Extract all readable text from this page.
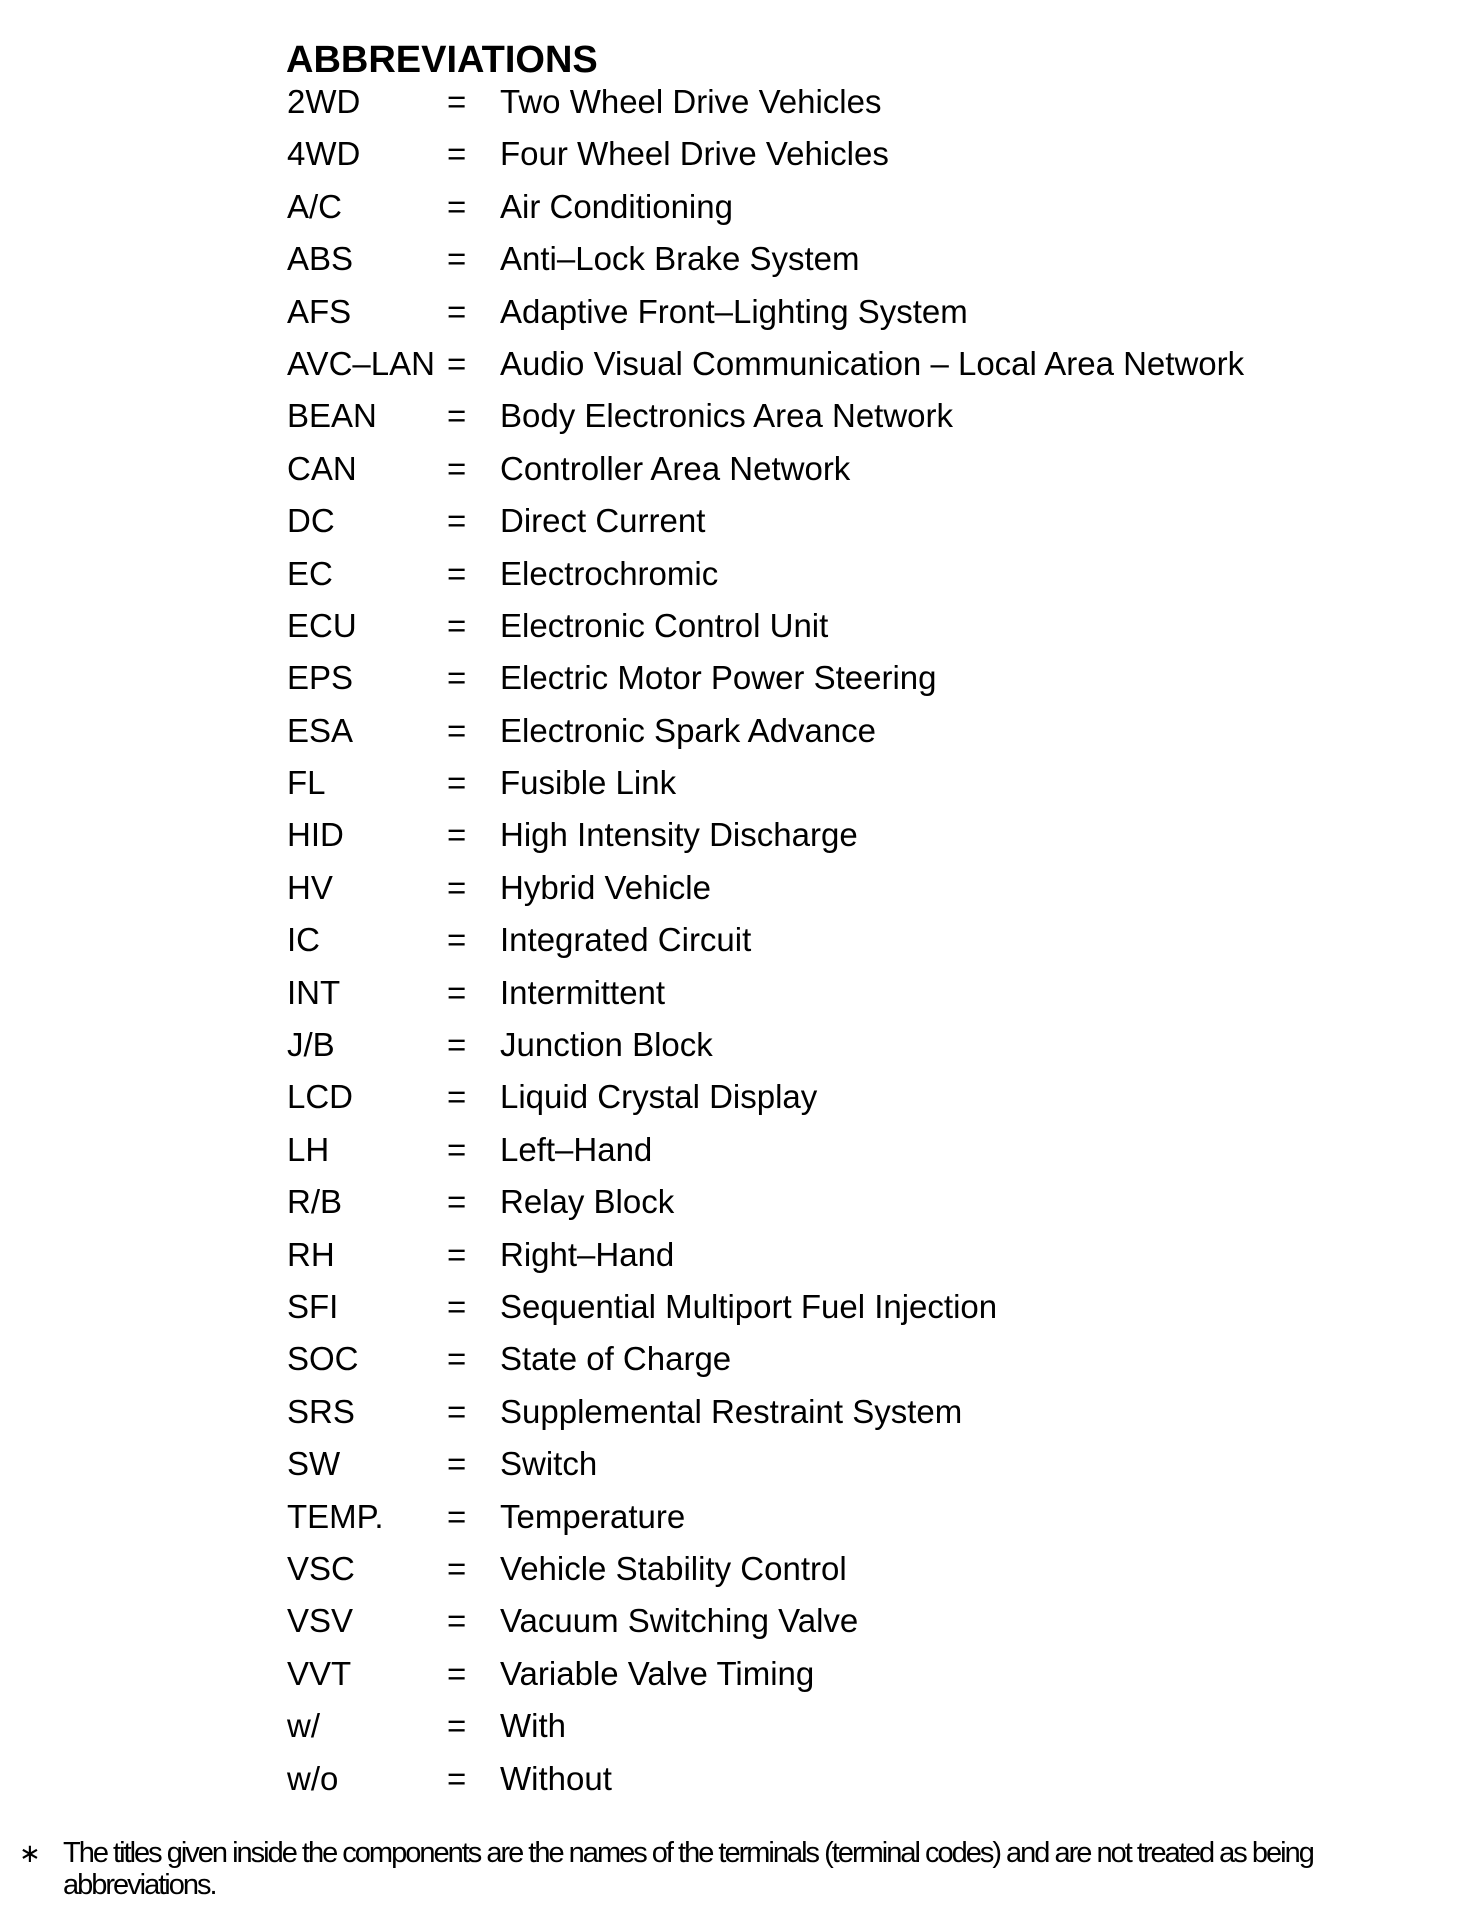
ABBREVIATIONS
2WD	=	Two Wheel Drive Vehicles
4WD	=	Four Wheel Drive Vehicles
A/C	=	Air Conditioning
ABS	=	Anti–Lock Brake System
AFS	=	Adaptive Front–Lighting System
AVC–LAN =	Audio Visual Communication – Local Area Network
BEAN	=	Body Electronics Area Network
CAN	=	Controller Area Network
DC	=	Direct Current
EC	=	Electrochromic
ECU	=	Electronic Control Unit
EPS	=	Electric Motor Power Steering
ESA	=	Electronic Spark Advance
FL	=	Fusible Link
HID	=	High Intensity Discharge
HV	=	Hybrid Vehicle
IC	=	Integrated Circuit
INT	=	Intermittent
J/B	=	Junction Block
LCD	=	Liquid Crystal Display
LH	=	Left–Hand
R/B	=	Relay Block
RH	=	Right–Hand
SFI	=	Sequential Multiport Fuel Injection
SOC	=	State of Charge
SRS	=	Supplemental Restraint System
SW	=	Switch
TEMP.	=	Temperature
VSC	=	Vehicle Stability Control
VSV	=	Vacuum Switching Valve
VVT	=	Variable Valve Timing
w/	=	With
w/o	=	Without
∗ The titles given inside the components are the names of the terminals (terminal codes) and are not treated as being abbreviations.
